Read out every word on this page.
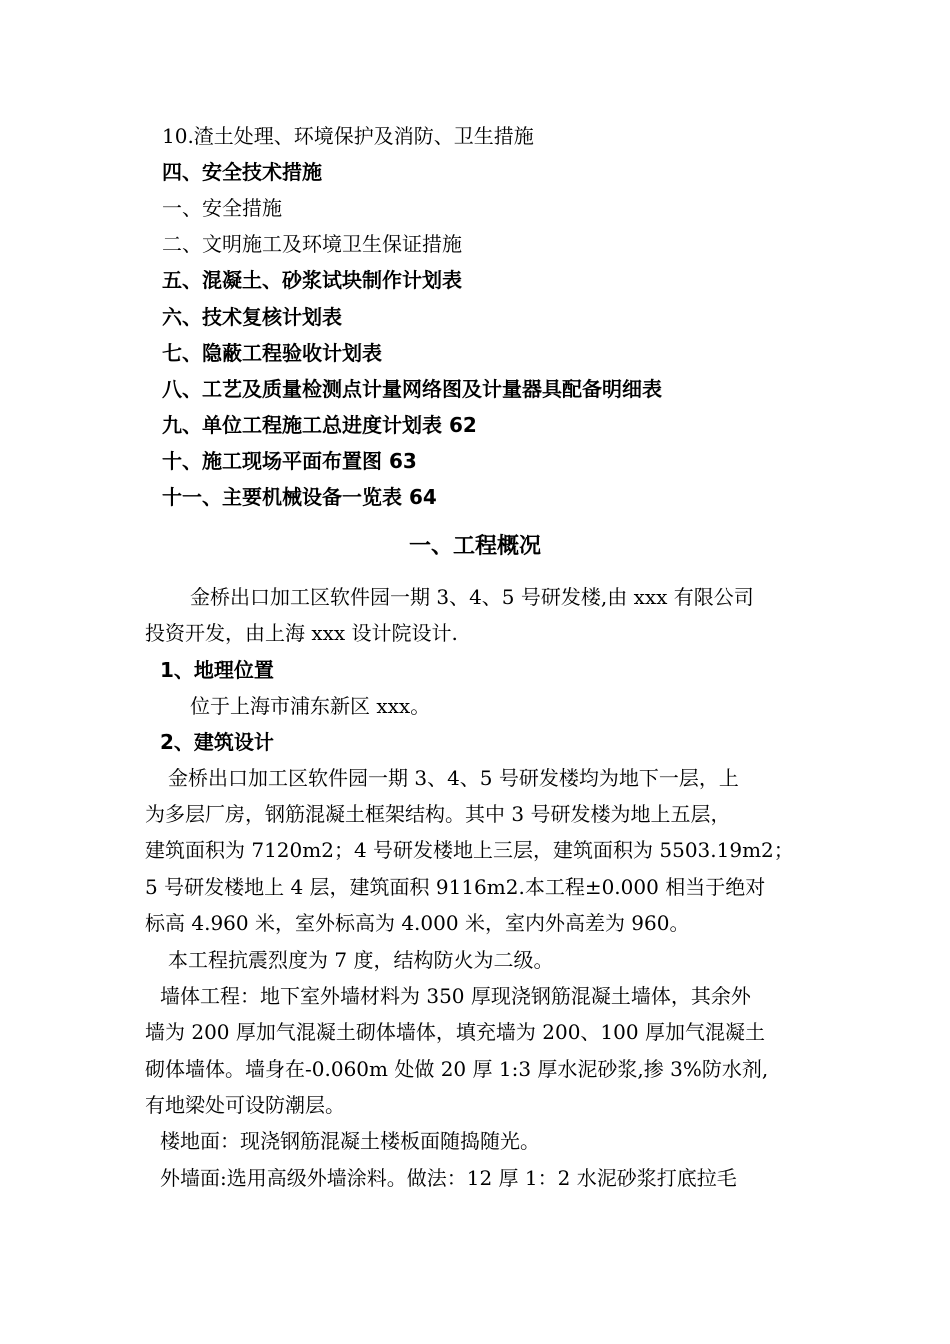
10.渣土处理、环境保护及消防、卫生措施
四、安全技术措施
一、安全措施
二、文明施工及环境卫生保证措施
五、混凝土、砂浆试块制作计划表
六、技术复核计划表
七、隐蔽工程验收计划表
八、工艺及质量检测点计量网络图及计量器具配备明细表
九、单位工程施工总进度计划表 62
十、施工现场平面布置图 63
十一、主要机械设备一览表 64
一、工程概况
金桥出口加工区软件园一期 3、4、5 号研发楼,由 xxx 有限公司
投资开发，由上海 xxx 设计院设计.
1、地理位置
位于上海市浦东新区 xxx。
2、建筑设计
金桥出口加工区软件园一期 3、4、5 号研发楼均为地下一层，上
为多层厂房，钢筋混凝土框架结构。其中 3 号研发楼为地上五层，
建筑面积为 7120m2；4 号研发楼地上三层，建筑面积为 5503.19m2；
5 号研发楼地上 4 层，建筑面积 9116m2.本工程±0.000 相当于绝对
标高 4.960 米，室外标高为 4.000 米，室内外高差为 960。
本工程抗震烈度为 7 度，结构防火为二级。
墙体工程：地下室外墙材料为 350 厚现浇钢筋混凝土墙体，其余外
墙为 200 厚加气混凝土砌体墙体，填充墙为 200、100 厚加气混凝土
砌体墙体。墙身在-0.060m 处做 20 厚 1:3 厚水泥砂浆,掺 3%防水剂,
有地梁处可设防潮层。
楼地面：现浇钢筋混凝土楼板面随捣随光。
外墙面:选用高级外墙涂料。做法：12 厚 1：2 水泥砂浆打底拉毛
